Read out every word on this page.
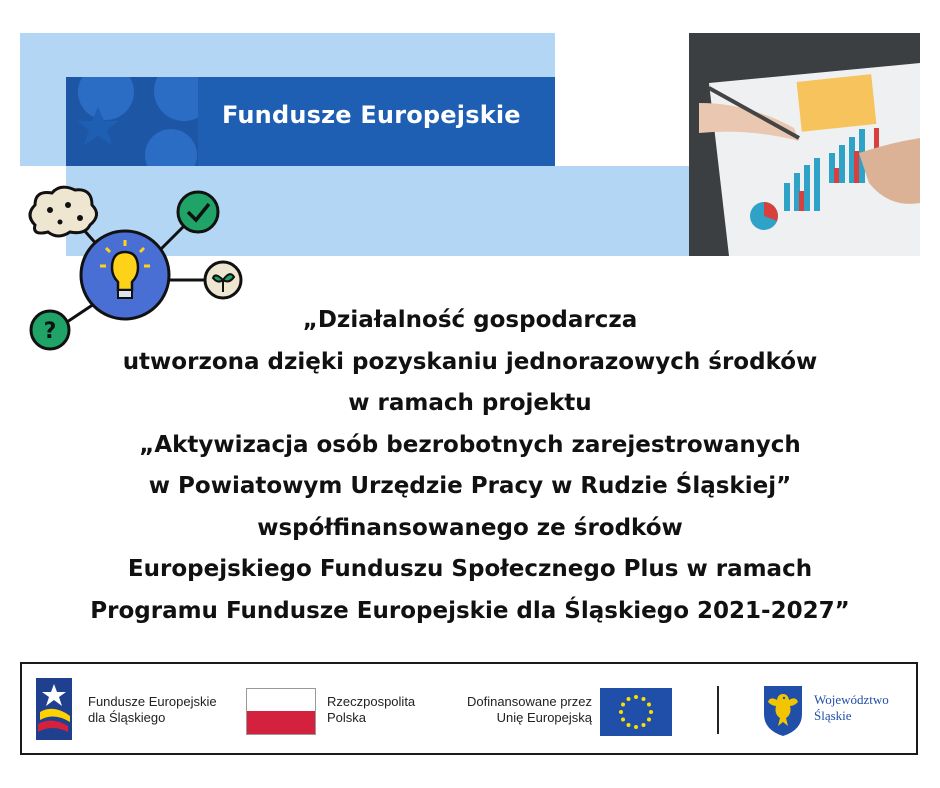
Fundusze Europejskie
?	„Działalność gospodarcza
utworzona dzięki pozyskaniu jednorazowych środków
w ramach projektu
„Aktywizacja osób bezrobotnych zarejestrowanych
w Powiatowym Urzędzie Pracy w Rudzie Śląskiej”
współfinansowanego ze środków
Europejskiego Funduszu Społecznego Plus w ramach
Programu Fundusze Europejskie dla Śląskiego 2021-2027”
Fundusze Europejskie
dla Śląskiego
Rzeczpospolita
Polska
Dofinansowane przez
Unię Europejską
Województwo
Śląskie
